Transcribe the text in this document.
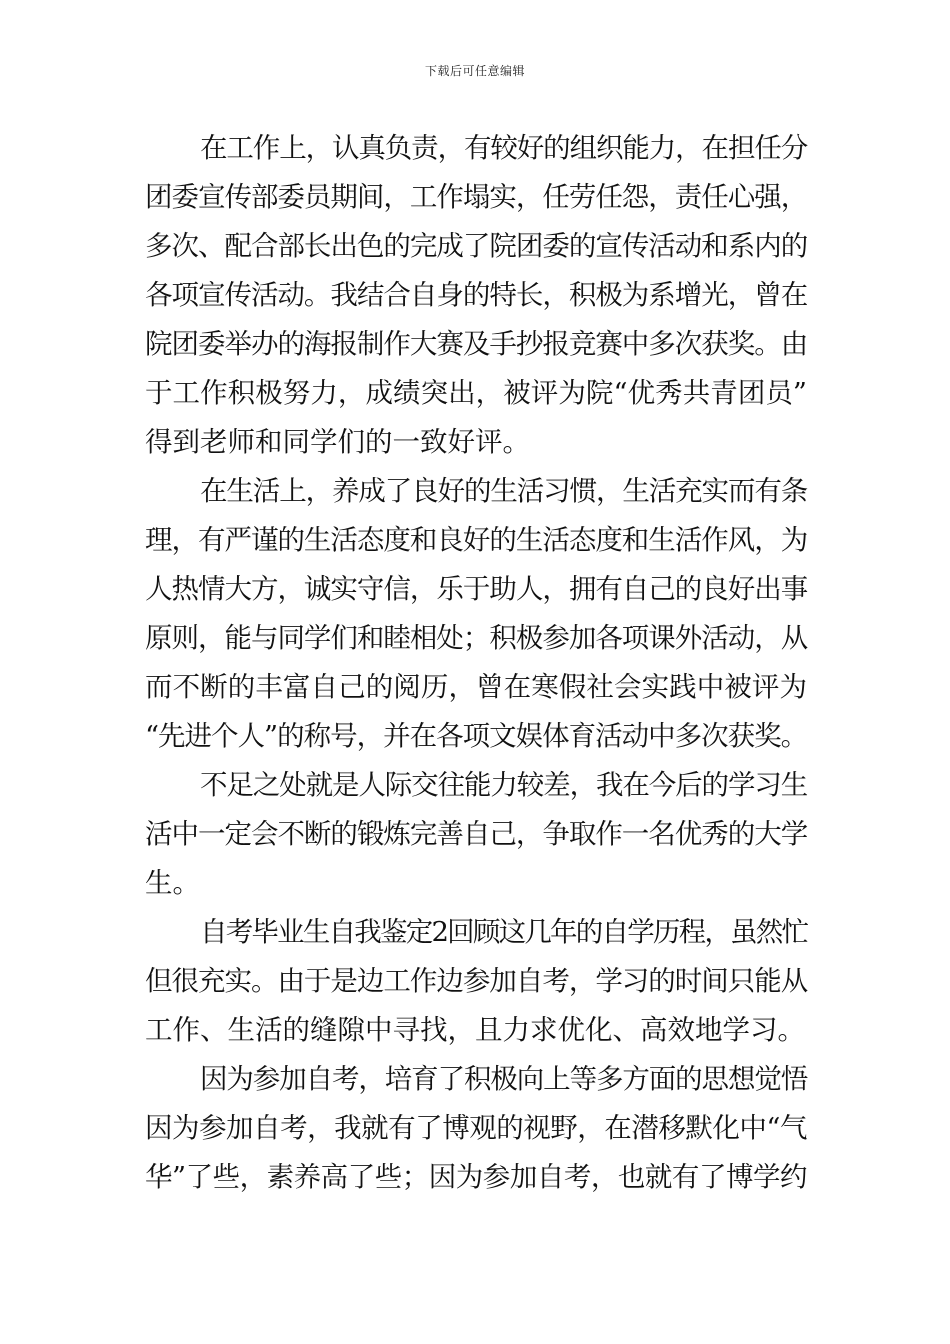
下载后可任意编辑

在工作上，认真负责，有较好的组织能力，在担任分
团委宣传部委员期间，工作塌实，任劳任怨，责任心强，
多次、配合部长出色的完成了院团委的宣传活动和系内的
各项宣传活动。我结合自身的特长，积极为系增光，曾在
院团委举办的海报制作大赛及手抄报竞赛中多次获奖。由
于工作积极努力，成绩突出，被评为院“优秀共青团员”
得到老师和同学们的一致好评。

在生活上，养成了良好的生活习惯，生活充实而有条
理，有严谨的生活态度和良好的生活态度和生活作风，为
人热情大方，诚实守信，乐于助人，拥有自己的良好出事
原则，能与同学们和睦相处；积极参加各项课外活动，从
而不断的丰富自己的阅历，曾在寒假社会实践中被评为
“先进个人”的称号，并在各项文娱体育活动中多次获奖。

不足之处就是人际交往能力较差，我在今后的学习生
活中一定会不断的锻炼完善自己，争取作一名优秀的大学
生。

自考毕业生自我鉴定2回顾这几年的自学历程，虽然忙
但很充实。由于是边工作边参加自考，学习的时间只能从
工作、生活的缝隙中寻找，且力求优化、高效地学习。

因为参加自考，培育了积极向上等多方面的思想觉悟
因为参加自考，我就有了博观的视野，在潜移默化中“气
华”了些，素养高了些；因为参加自考，也就有了博学约
